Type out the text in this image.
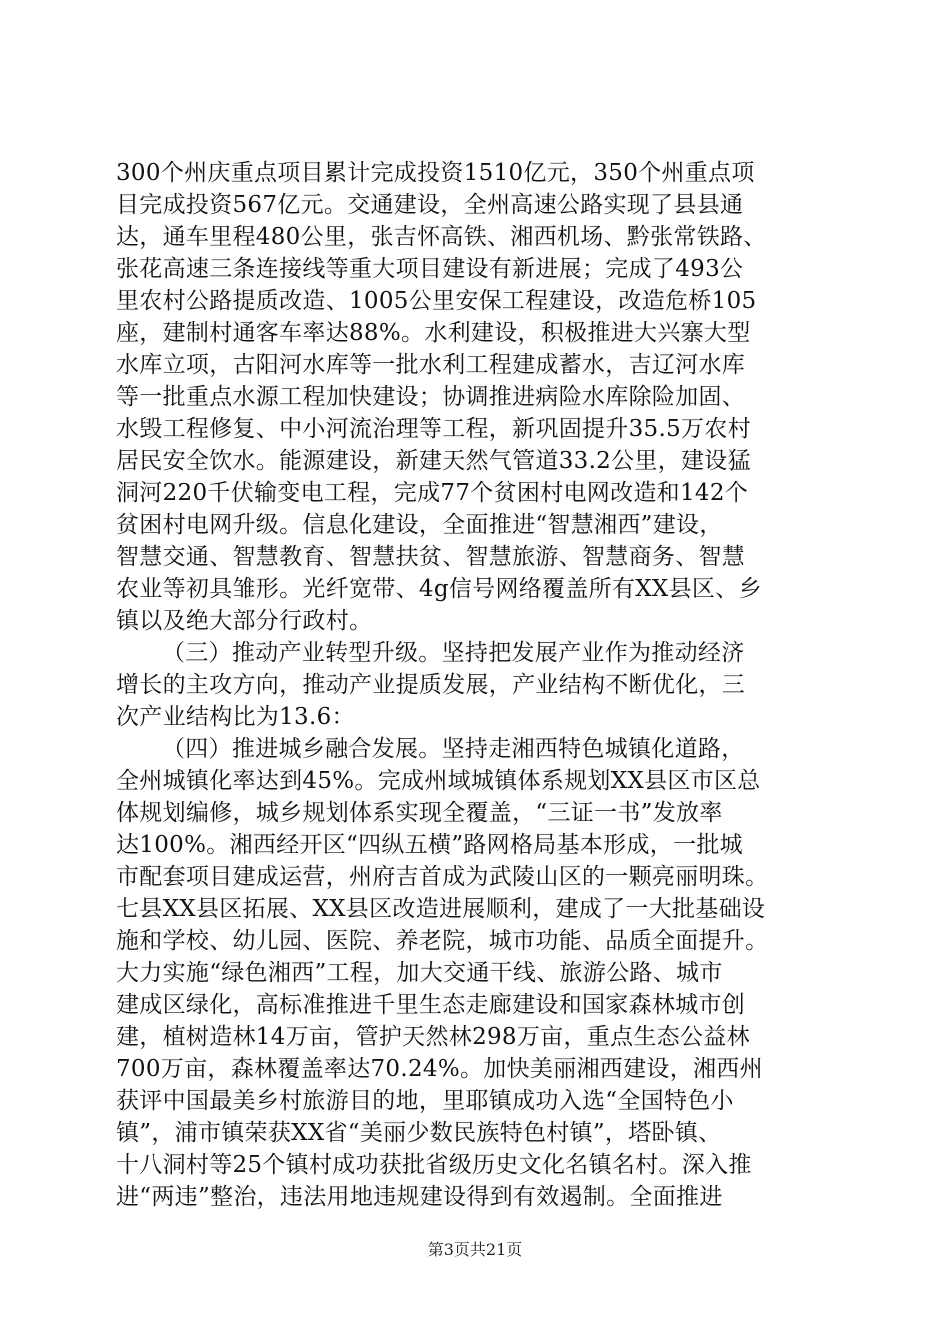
300个州庆重点项目累计完成投资1510亿元，350个州重点项
目完成投资567亿元。交通建设，全州高速公路实现了县县通
达，通车里程480公里，张吉怀高铁、湘西机场、黔张常铁路、
张花高速三条连接线等重大项目建设有新进展；完成了493公
里农村公路提质改造、1005公里安保工程建设，改造危桥105
座，建制村通客车率达88%。水利建设，积极推进大兴寨大型
水库立项，古阳河水库等一批水利工程建成蓄水，吉辽河水库
等一批重点水源工程加快建设；协调推进病险水库除险加固、
水毁工程修复、中小河流治理等工程，新巩固提升35.5万农村
居民安全饮水。能源建设，新建天然气管道33.2公里，建设猛
洞河220千伏输变电工程，完成77个贫困村电网改造和142个
贫困村电网升级。信息化建设，全面推进“智慧湘西”建设，
智慧交通、智慧教育、智慧扶贫、智慧旅游、智慧商务、智慧
农业等初具雏形。光纤宽带、4g信号网络覆盖所有XX县区、乡
镇以及绝大部分行政村。
（三）推动产业转型升级。坚持把发展产业作为推动经济
增长的主攻方向，推动产业提质发展，产业结构不断优化，三
次产业结构比为13.6：
（四）推进城乡融合发展。坚持走湘西特色城镇化道路，
全州城镇化率达到45%。完成州域城镇体系规划XX县区市区总
体规划编修，城乡规划体系实现全覆盖，“三证一书”发放率
达100%。湘西经开区“四纵五横”路网格局基本形成，一批城
市配套项目建成运营，州府吉首成为武陵山区的一颗亮丽明珠。
七县XX县区拓展、XX县区改造进展顺利，建成了一大批基础设
施和学校、幼儿园、医院、养老院，城市功能、品质全面提升。
大力实施“绿色湘西”工程，加大交通干线、旅游公路、城市
建成区绿化，高标准推进千里生态走廊建设和国家森林城市创
建，植树造林14万亩，管护天然林298万亩，重点生态公益林
700万亩，森林覆盖率达70.24%。加快美丽湘西建设，湘西州
获评中国最美乡村旅游目的地，里耶镇成功入选“全国特色小
镇”，浦市镇荣获XX省“美丽少数民族特色村镇”，塔卧镇、
十八洞村等25个镇村成功获批省级历史文化名镇名村。深入推
进“两违”整治，违法用地违规建设得到有效遏制。全面推进
第3页共21页
